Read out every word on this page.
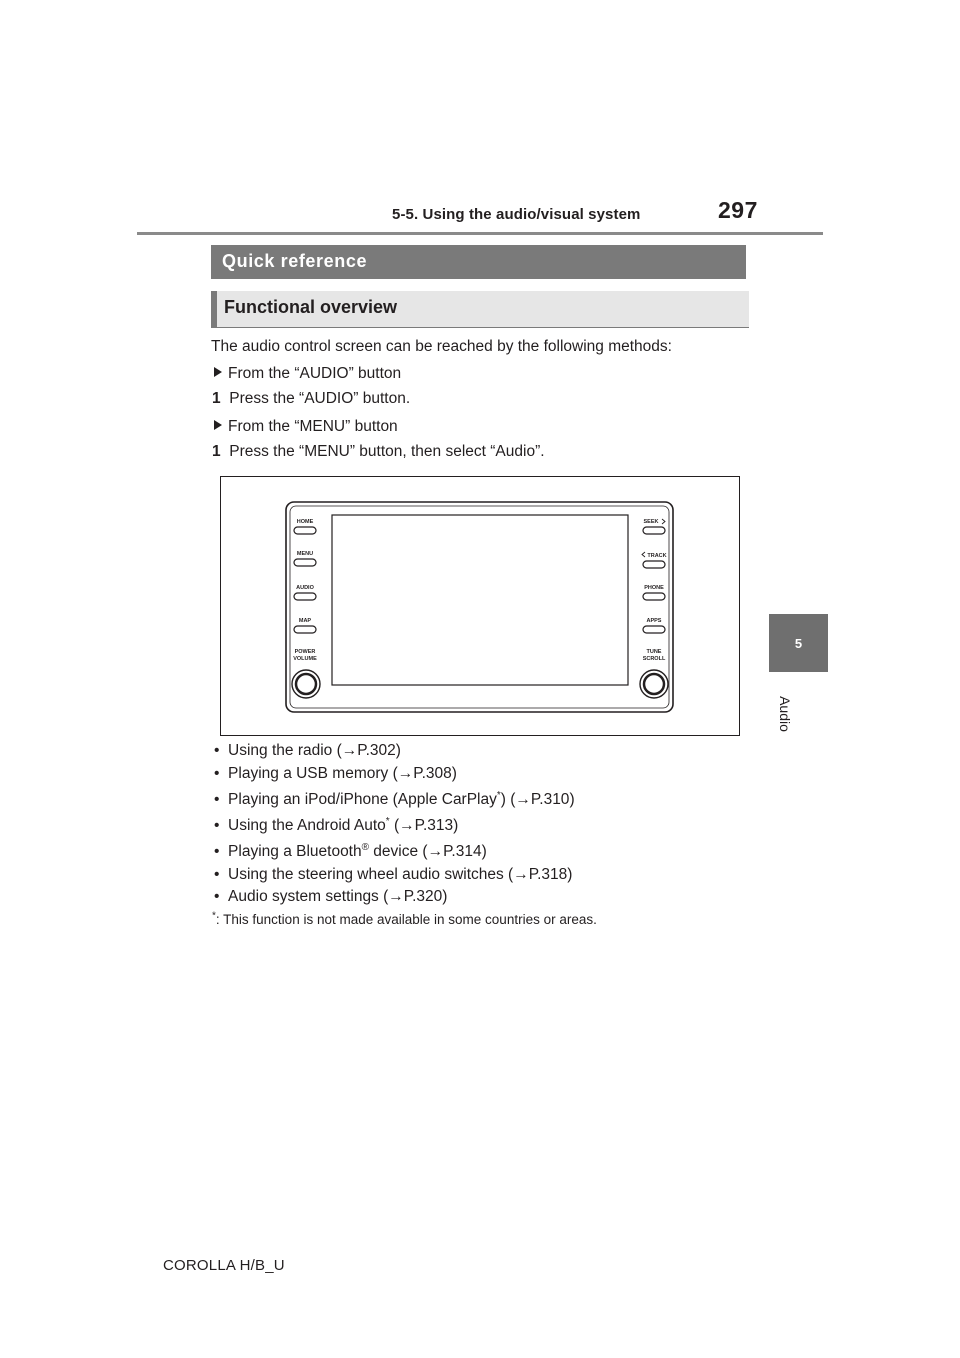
5-5. Using the audio/visual system	297
5
Audio
Quick reference
Functional overview
The audio control screen can be reached by the following methods:
From the “AUDIO” button
1 Press the “AUDIO” button.
From the “MENU” button
1 Press the “MENU” button, then select “Audio”.
HOME
MENU
AUDIO
MAP
POWER
VOLUME
SEEK
TRACK
PHONE
APPS
TUNE
SCROLL
•  Using the radio (→P.302)
•  Playing a USB memory (→P.308)
•  Playing an iPod/iPhone (Apple CarPlay*) (→P.310)
•  Using the Android Auto* (→P.313)
•  Playing a Bluetooth® device (→P.314)
•  Using the steering wheel audio switches (→P.318)
•  Audio system settings (→P.320)
*: This function is not made available in some countries or areas.
COROLLA H/B_U
